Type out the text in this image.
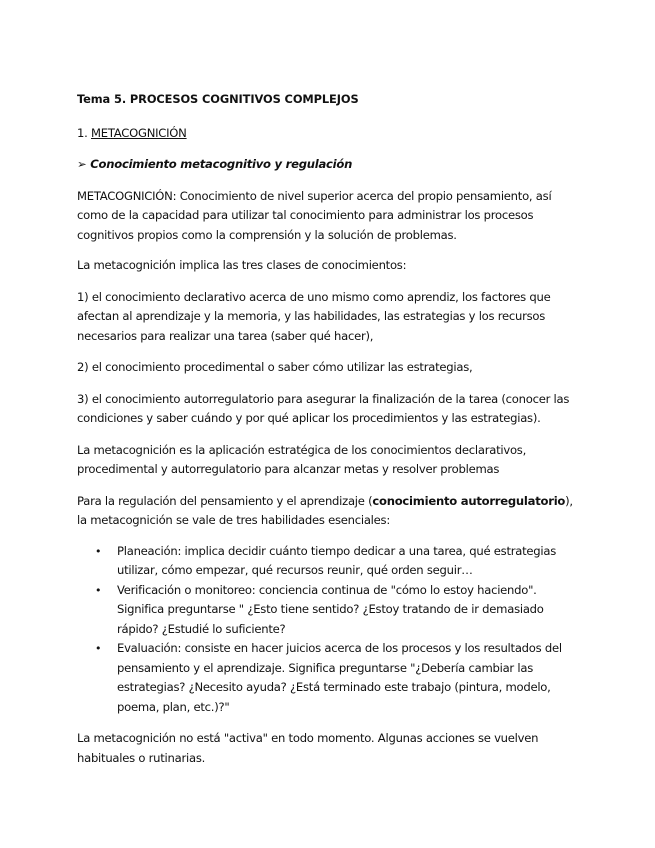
Tema 5. PROCESOS COGNITIVOS COMPLEJOS

1. METACOGNICIÓN

➢ Conocimiento metacognitivo y regulación

METACOGNICIÓN: Conocimiento de nivel superior acerca del propio pensamiento, así como de la capacidad para utilizar tal conocimiento para administrar los procesos cognitivos propios como la comprensión y la solución de problemas.

La metacognición implica las tres clases de conocimientos:

1) el conocimiento declarativo acerca de uno mismo como aprendiz, los factores que afectan al aprendizaje y la memoria, y las habilidades, las estrategias y los recursos necesarios para realizar una tarea (saber qué hacer),

2) el conocimiento procedimental o saber cómo utilizar las estrategias,

3) el conocimiento autorregulatorio para asegurar la finalización de la tarea (conocer las condiciones y saber cuándo y por qué aplicar los procedimientos y las estrategias).

La metacognición es la aplicación estratégica de los conocimientos declarativos, procedimental y autorregulatorio para alcanzar metas y resolver problemas

Para la regulación del pensamiento y el aprendizaje (conocimiento autorregulatorio), la metacognición se vale de tres habilidades esenciales:

• Planeación: implica decidir cuánto tiempo dedicar a una tarea, qué estrategias utilizar, cómo empezar, qué recursos reunir, qué orden seguir…
• Verificación o monitoreo: conciencia continua de "cómo lo estoy haciendo". Significa preguntarse " ¿Esto tiene sentido? ¿Estoy tratando de ir demasiado rápido? ¿Estudié lo suficiente?
• Evaluación: consiste en hacer juicios acerca de los procesos y los resultados del pensamiento y el aprendizaje. Significa preguntarse "¿Debería cambiar las estrategias? ¿Necesito ayuda? ¿Está terminado este trabajo (pintura, modelo, poema, plan, etc.)?"

La metacognición no está "activa" en todo momento. Algunas acciones se vuelven habituales o rutinarias.
